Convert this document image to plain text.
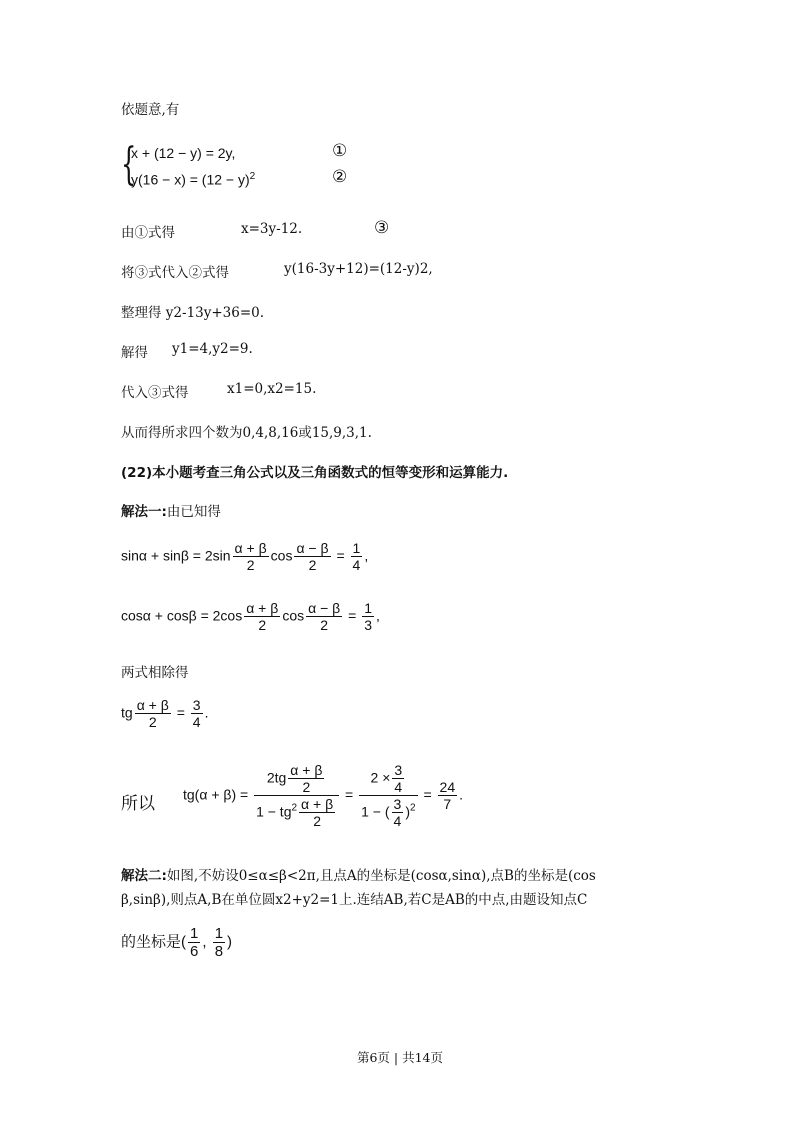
依题意,有
{
x + (12 − y) = 2y,	①
$y(16 - x) = (12 - y)^2$	②
由①式得	x=3y-12.	③
将③式代入②式得	y(16-3y+12)=(12-y)2,
整理得 y2-13y+36=0.
解得 y1=4,y2=9.
代入③式得	x1=0,x2=15.
从而得所求四个数为0,4,8,16或15,9,3,1.
(22)本小题考查三角公式以及三角函数式的恒等变形和运算能力.
解法一:由已知得
$\sin\alpha + \sin\beta = 2\sin \frac{\alpha + \beta}{2}$ $\cos \frac{\alpha - \beta}{2} = \frac{1}{4}$ ,
$\cos\alpha + \cos\beta = 2\cos \frac{\alpha + \beta}{2}$ $\cos \frac{\alpha - \beta}{2} = \frac{1}{3}$ ,
两式相除得
tg $\frac{\alpha + \beta}{2} = \frac{3}{4}$ .
所以 $tg(\alpha + \beta) = \frac{2tg \frac{\alpha + \beta}{2}}{1 - tg^2 \frac{\alpha + \beta}{2}} = \frac{2 \times \frac{3}{4}}{1 - ( \frac{3}{4} )^2} = \frac{24}{7}$ .
解法二:如图,不妨设0≤α≤β<2π,且点A的坐标是(cosα,sinα),点B的坐标是(cos
β,sinβ),则点A,B在单位圆x2+y2=1上.连结AB,若C是AB的中点,由题设知点C
的坐标是( $\frac{1}{6}$ , $\frac{1}{8}$ )
第6页 | 共14页
